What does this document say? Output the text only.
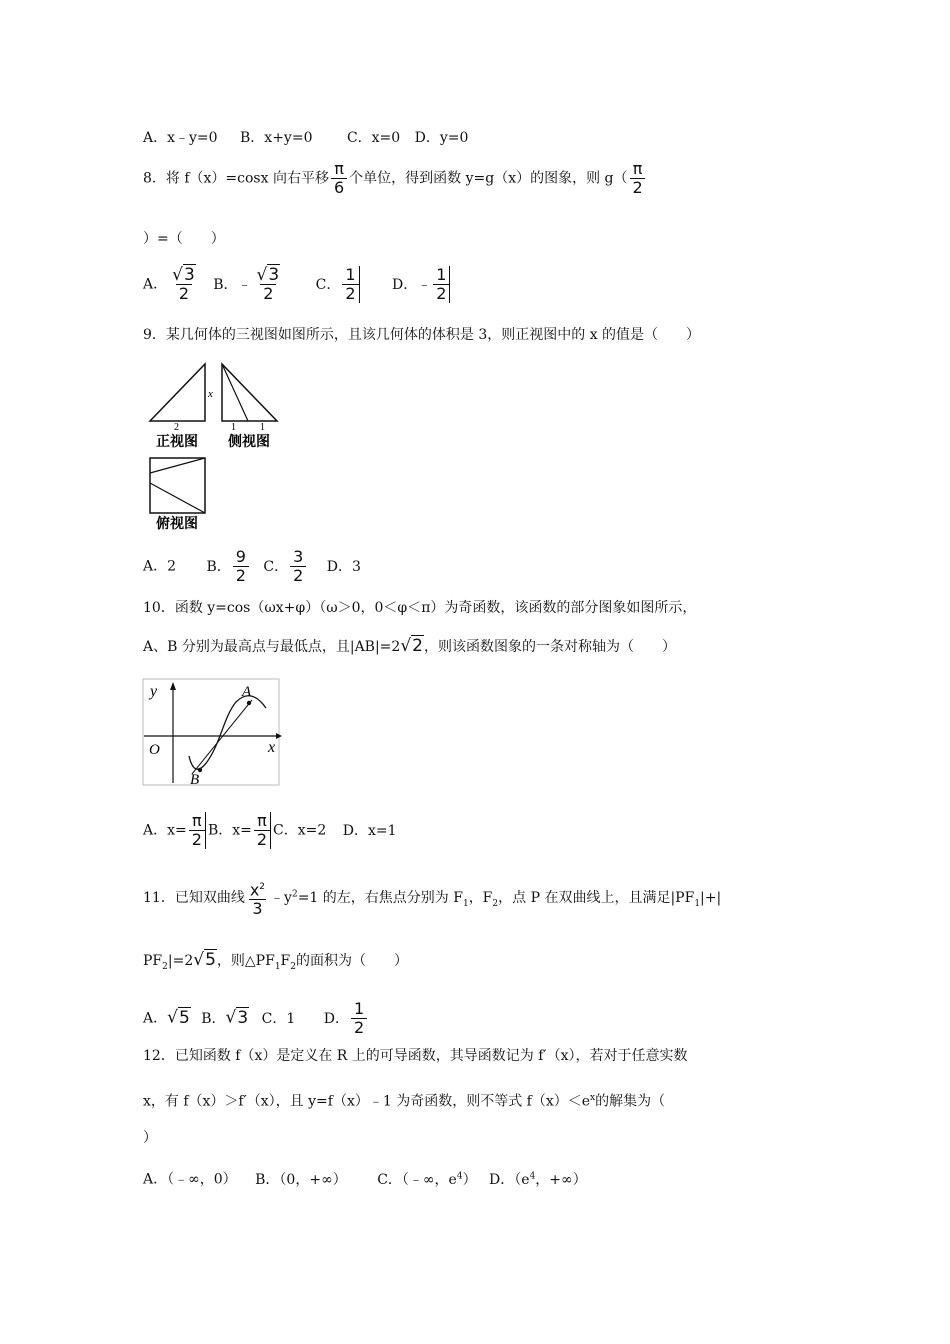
A．x﹣y=0 B．x+y=0 C．x=0 D．y=0
8．将 f（x）=cosx 向右平移 $\frac{\pi}{6}$ 个单位，得到函数 y=g（x）的图象，则 $g( \frac{\pi}{2}$
）=（　　）
A． $\frac{√3}{2}$ B．﹣ $\frac{√3}{2}$ C． $\frac{1}{2}$ D．﹣ $\frac{1}{2}$
9．某几何体的三视图如图所示，且该几何体的体积是 3，则正视图中的 x 的值是（　　）
x
2
正视图
1 1
侧视图
俯视图
A．2 B． $\frac{9}{2}$ C． $\frac{3}{2}$ D．3
10．函数 y=cos（ωx+φ）（ω＞0，0＜φ＜π）为奇函数，该函数的部分图象如图所示，
A、B 分别为最高点与最低点，且|AB|=2√2，则该函数图象的一条对称轴为（　　）
y
x
O
A
B
A．$x= \frac{\pi}{2}$ B．$x= \frac{\pi}{2}$ C．x=2 D．x=1
11．已知双曲线 $\frac{x^2}{3}$ $﹣y^2=1$ 的左，右焦点分别为 $F_1$，$F_2$，点 P 在双曲线上，且满足$|PF_1|+|$
$PF_2|=2√5$，则$\triangle PF_1F_2$的面积为（　　）
A．√5 B．√3 C．1 D． $\frac{1}{2}$
12．已知函数 f（x）是定义在 R 上的可导函数，其导函数记为 f′（x），若对于任意实数
x，有 f（x）＞f′（x），且 y=f（x）﹣1 为奇函数，则不等式 $f(x)<e^x$的解集为（
）
A．（﹣∞，0） B．（0，+∞） C．（﹣∞，$e^4$） D．（$e^4$，+∞）
